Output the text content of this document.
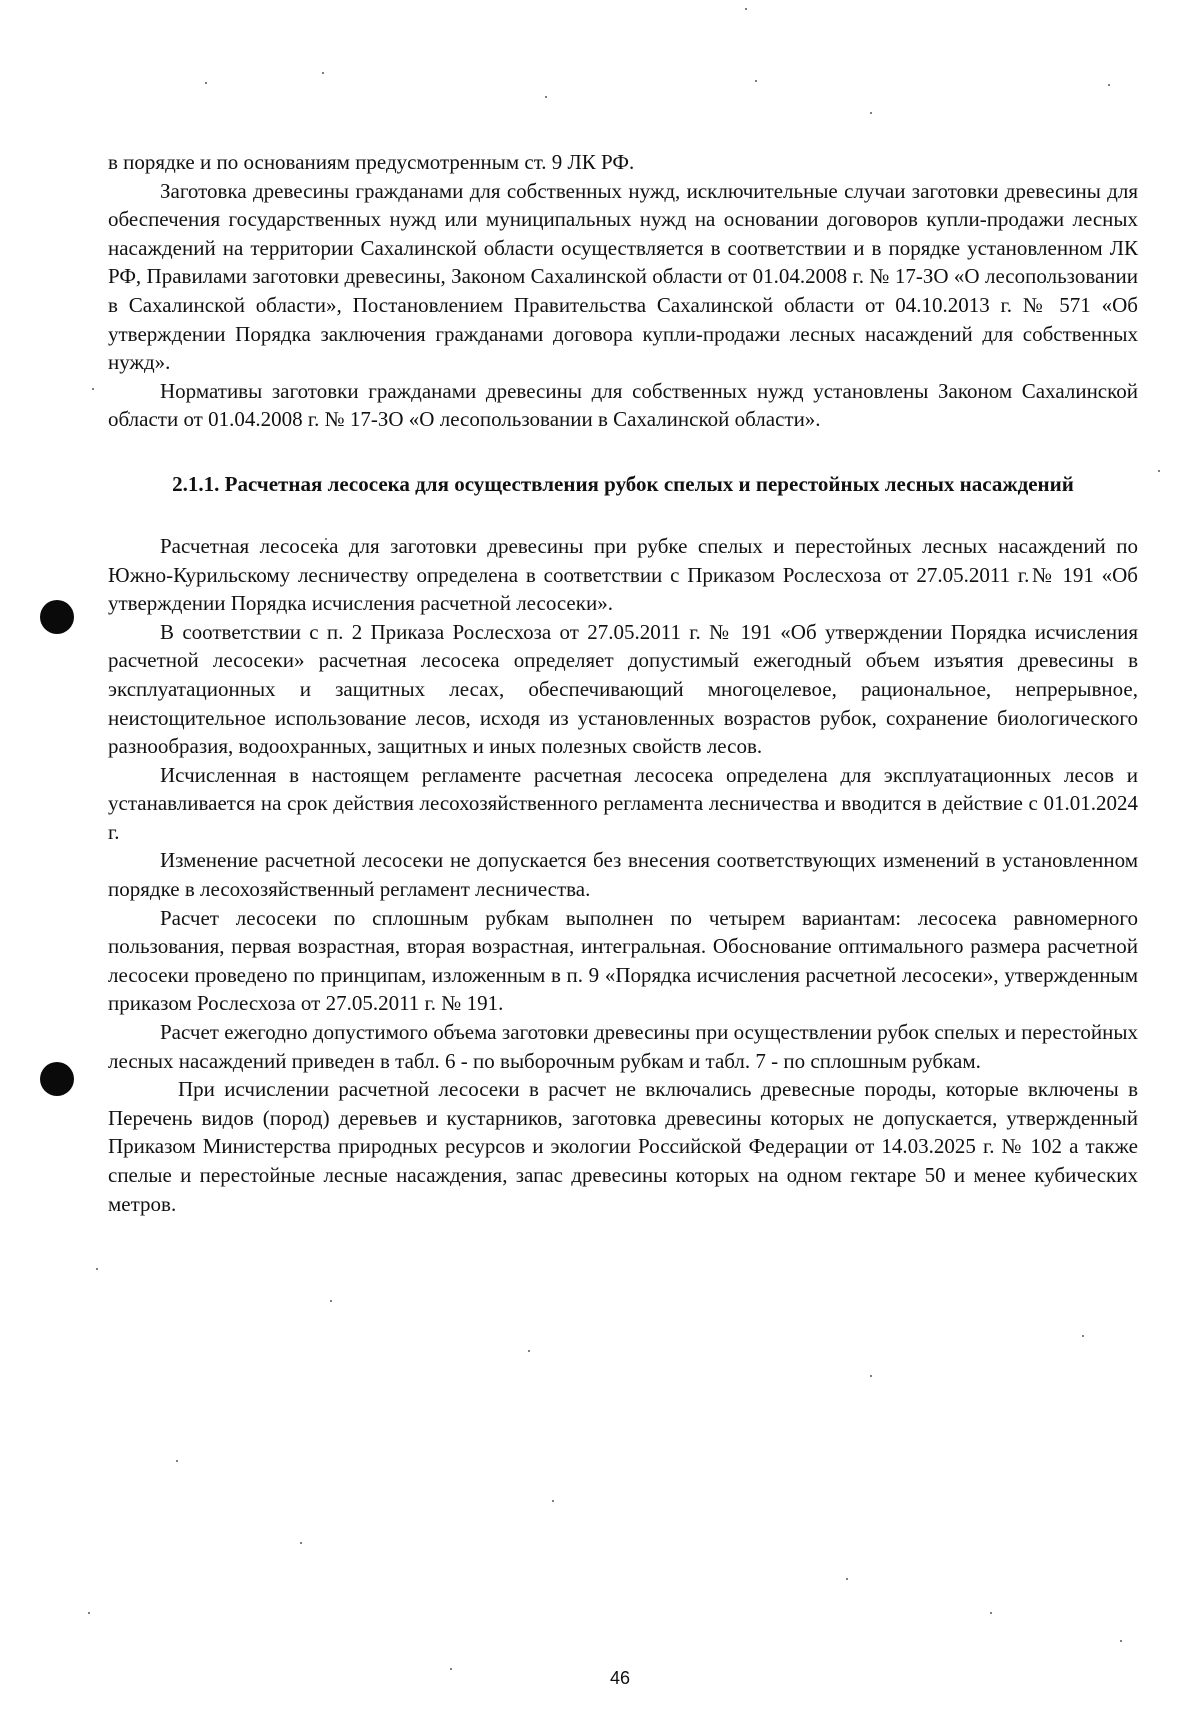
в порядке и по основаниям предусмотренным ст. 9 ЛК РФ.

Заготовка древесины гражданами для собственных нужд, исключительные случаи заготовки древесины для обеспечения государственных нужд или муниципальных нужд на основании договоров купли-продажи лесных насаждений на территории Сахалинской области осуществляется в соответствии и в порядке установленном ЛК РФ, Правилами заготовки древесины, Законом Сахалинской области от 01.04.2008 г. № 17-ЗО «О лесопользовании в Сахалинской области», Постановлением Правительства Сахалинской области от 04.10.2013 г. № 571 «Об утверждении Порядка заключения гражданами договора купли-продажи лесных насаждений для собственных нужд».

Нормативы заготовки гражданами древесины для собственных нужд установлены Законом Сахалинской области от 01.04.2008 г. № 17-ЗО «О лесопользовании в Сахалинской области».

2.1.1. Расчетная лесосека для осуществления рубок спелых и перестойных лесных насаждений

Расчетная лесосека для заготовки древесины при рубке спелых и перестойных лесных насаждений по Южно-Курильскому лесничеству определена в соответствии с Приказом Рослесхоза от 27.05.2011 г.№ 191 «Об утверждении Порядка исчисления расчетной лесосеки».

В соответствии с п. 2 Приказа Рослесхоза от 27.05.2011 г. № 191 «Об утверждении Порядка исчисления расчетной лесосеки» расчетная лесосека определяет допустимый ежегодный объем изъятия древесины в эксплуатационных и защитных лесах, обеспечивающий многоцелевое, рациональное, непрерывное, неистощительное использование лесов, исходя из установленных возрастов рубок, сохранение биологического разнообразия, водоохранных, защитных и иных полезных свойств лесов.

Исчисленная в настоящем регламенте расчетная лесосека определена для эксплуатационных лесов и устанавливается на срок действия лесохозяйственного регламента лесничества и вводится в действие с 01.01.2024 г.

Изменение расчетной лесосеки не допускается без внесения соответствующих изменений в установленном порядке в лесохозяйственный регламент лесничества.

Расчет лесосеки по сплошным рубкам выполнен по четырем вариантам: лесосека равномерного пользования, первая возрастная, вторая возрастная, интегральная. Обоснование оптимального размера расчетной лесосеки проведено по принципам, изложенным в п. 9 «Порядка исчисления расчетной лесосеки», утвержденным приказом Рослесхоза от 27.05.2011 г. № 191.

Расчет ежегодно допустимого объема заготовки древесины при осуществлении рубок спелых и перестойных лесных насаждений приведен в табл. 6 - по выборочным рубкам и табл. 7 - по сплошным рубкам.

При исчислении расчетной лесосеки в расчет не включались древесные породы, которые включены в Перечень видов (пород) деревьев и кустарников, заготовка древесины которых не допускается, утвержденный Приказом Министерства природных ресурсов и экологии Российской Федерации от 14.03.2025 г. № 102 а также спелые и перестойные лесные насаждения, запас древесины которых на одном гектаре 50 и менее кубических метров.

46
